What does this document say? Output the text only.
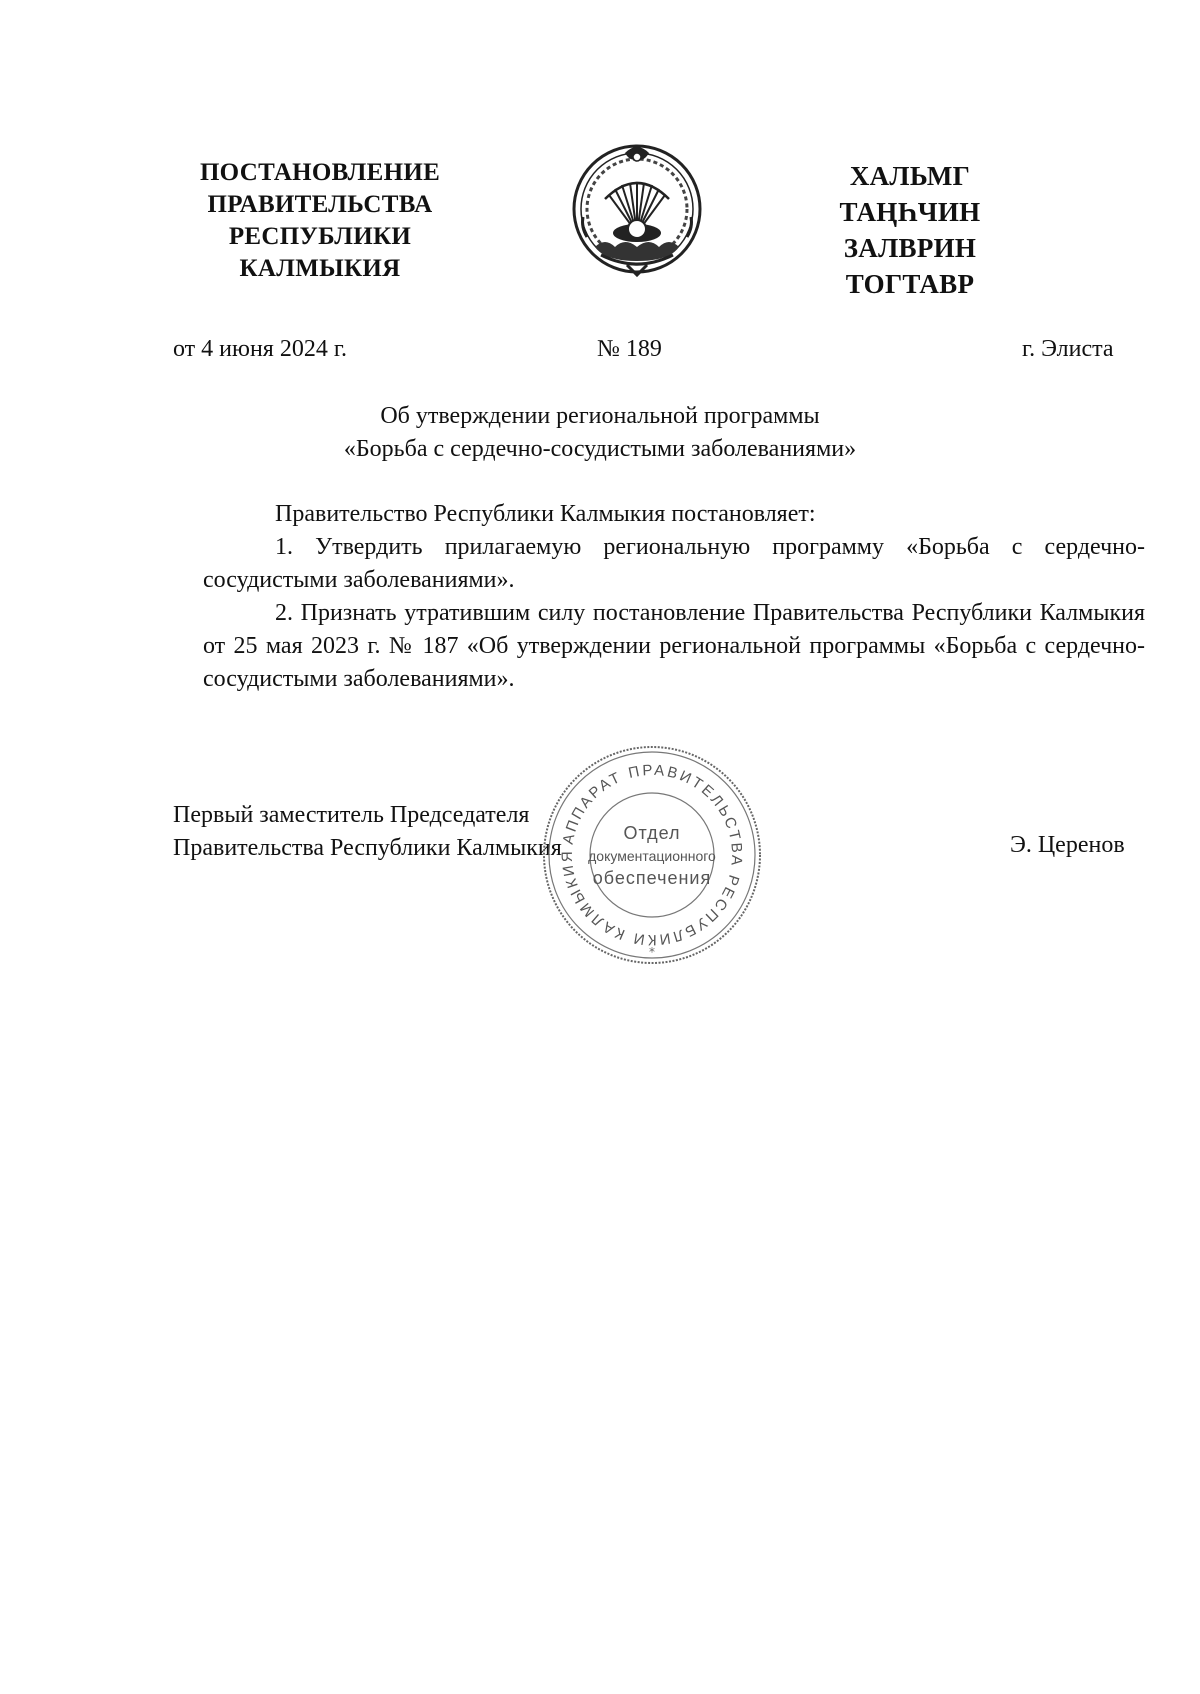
ПОСТАНОВЛЕНИЕ
ПРАВИТЕЛЬСТВА
РЕСПУБЛИКИ
КАЛМЫКИЯ
ХАЛЬМГ
ТАҢҺЧИН
ЗАЛВРИН
ТОГТАВР
от 4 июня 2024 г.	№ 189	г. Элиста
Об утверждении региональной программы
«Борьба с сердечно-сосудистыми заболеваниями»
Правительство Республики Калмыкия постановляет:
1. Утвердить прилагаемую региональную программу «Борьба с сердечно-сосудистыми заболеваниями».
2. Признать утратившим силу постановление Правительства Республики Калмыкия от 25 мая 2023 г. № 187 «Об утверждении региональной программы «Борьба с сердечно-сосудистыми заболеваниями».
Первый заместитель Председателя
Правительства Республики Калмыкия	Э. Церенов
АППАРАТ ПРАВИТЕЛЬСТВА РЕСПУБЛИКИ КАЛМЫКИЯ
*
Отдел
документационного
обеспечения
